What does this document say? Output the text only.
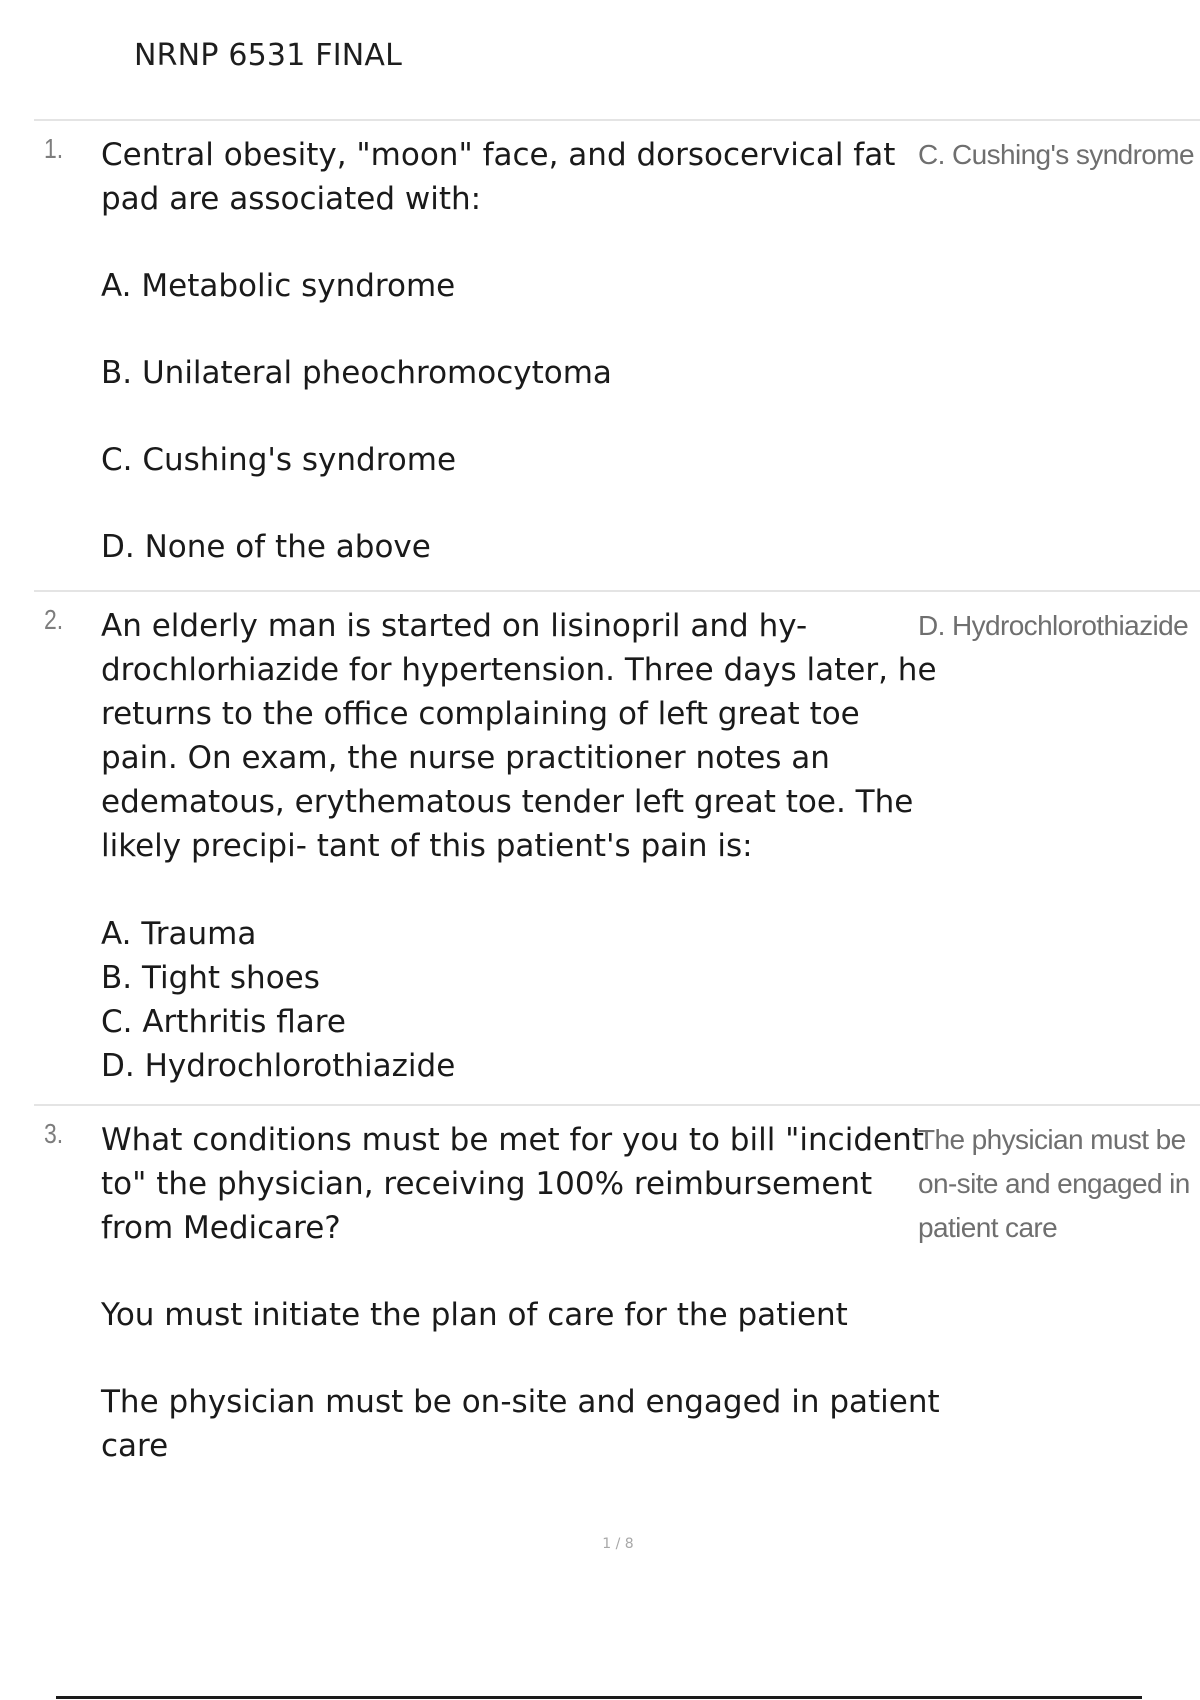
NRNP 6531 FINAL
1. Central obesity, "moon" face, and dorsocervical fat pad are associated with:

A. Metabolic syndrome

B. Unilateral pheochromocytoma

C. Cushing's syndrome

D. None of the above

C. Cushing's syndrome
2. An elderly man is started on lisinopril and hy- drochlorhiazide for hypertension. Three days later, he returns to the office complaining of left great toe pain. On exam, the nurse practitioner notes an edematous, erythematous tender left great toe. The likely precipi- tant of this patient's pain is:

A. Trauma

B. Tight shoes

C. Arthritis flare

D. Hydrochlorothiazide

D. Hydrochlorothiazide
3. What conditions must be met for you to bill "incident to" the physician, receiving 100% reimbursement from Medicare?

You must initiate the plan of care for the patient

The physician must be on-site and engaged in patient care

The physician must be on-site and engaged in patient care
1 / 8
